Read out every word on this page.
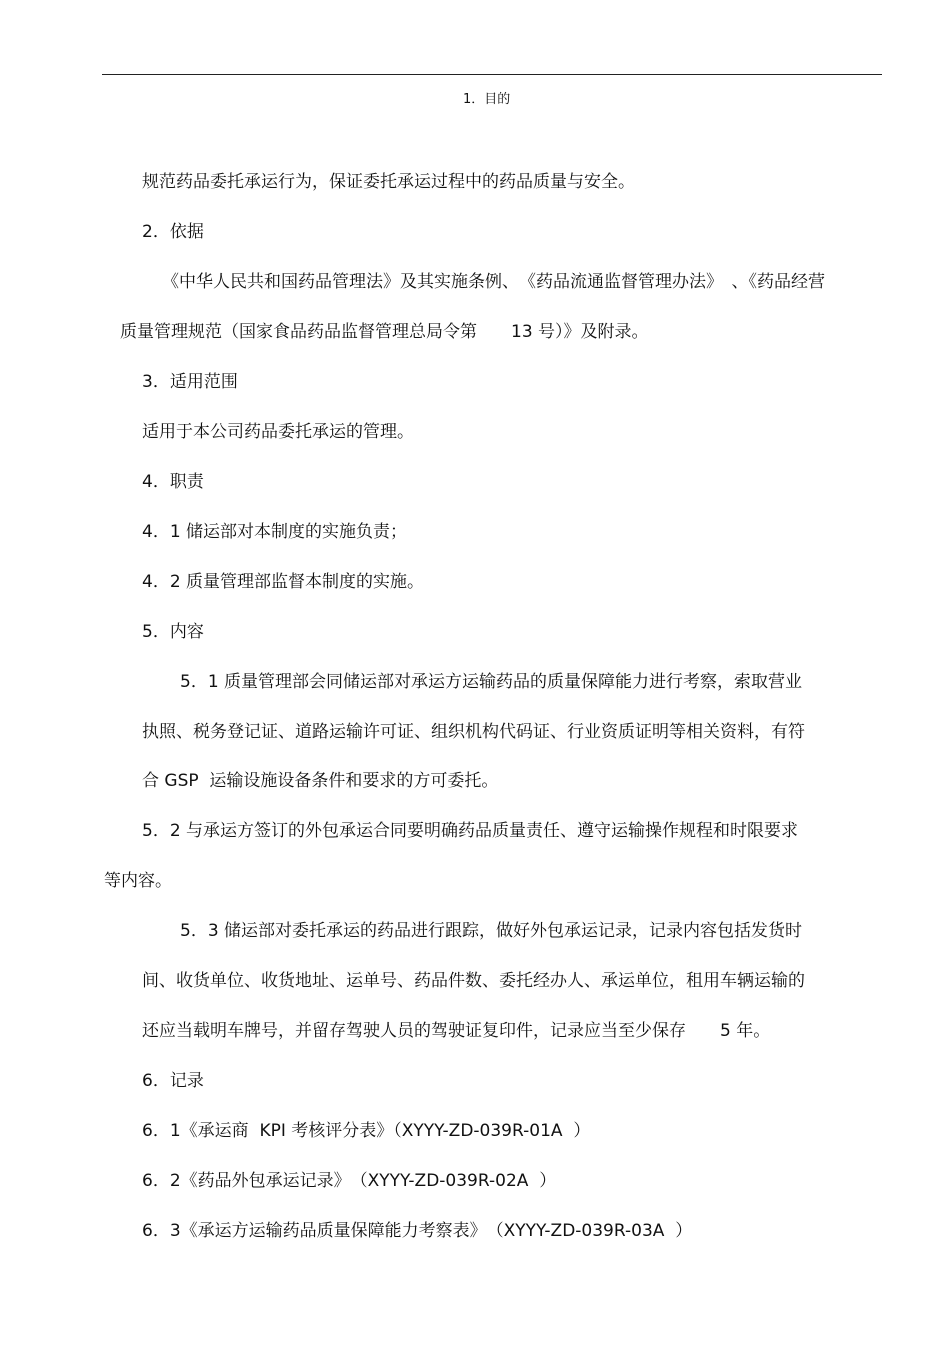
1．目的
规范药品委托承运行为，保证委托承运过程中的药品质量与安全。
2．依据
《中华人民共和国药品管理法》及其实施条例、　《药品流通监督管理办法》　、《药品经营
质量管理规范（国家食品药品监督管理总局令第　　13 号）》及附录。
3．适用范围
适用于本公司药品委托承运的管理。
4．职责
4．1 储运部对本制度的实施负责；
4．2 质量管理部监督本制度的实施。
5．内容
5．1 质量管理部会同储运部对承运方运输药品的质量保障能力进行考察，索取营业
执照、税务登记证、道路运输许可证、组织机构代码证、行业资质证明等相关资料，有符
合 GSP  运输设施设备条件和要求的方可委托。
5．2 与承运方签订的外包承运合同要明确药品质量责任、遵守运输操作规程和时限要求
等内容。
5．3 储运部对委托承运的药品进行跟踪，做好外包承运记录，记录内容包括发货时
间、收货单位、收货地址、运单号、药品件数、委托经办人、承运单位，租用车辆运输的
还应当载明车牌号，并留存驾驶人员的驾驶证复印件，记录应当至少保存　　5 年。
6．记录
6．1《承运商  KPI 考核评分表》（XYYY-ZD-039R-01A  ）
6．2《药品外包承运记录》　（XYYY-ZD-039R-02A  ）
6．3《承运方运输药品质量保障能力考察表》　（XYYY-ZD-039R-03A  ）
